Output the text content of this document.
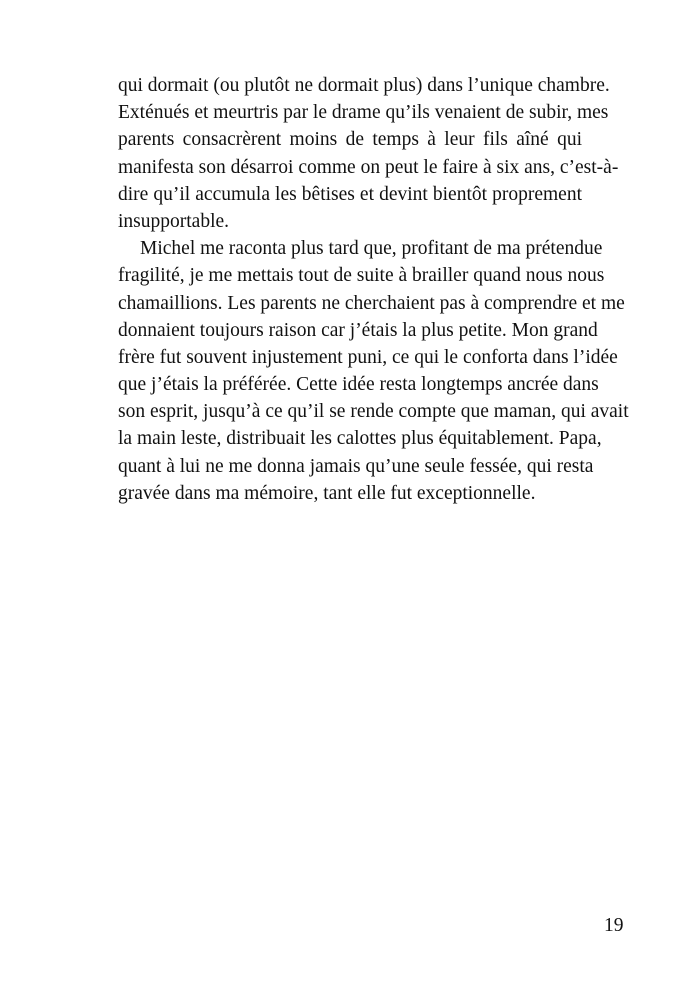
qui dormait (ou plutôt ne dormait plus) dans l’unique chambre.
Exténués et meurtris par le drame qu’ils venaient de subir, mes
parents consacrèrent moins de temps à leur fils aîné qui
manifesta son désarroi comme on peut le faire à six ans, c’est-à-
dire qu’il accumula les bêtises et devint bientôt proprement
insupportable.
Michel me raconta plus tard que, profitant de ma prétendue
fragilité, je me mettais tout de suite à brailler quand nous nous
chamaillions. Les parents ne cherchaient pas à comprendre et me
donnaient toujours raison car j’étais la plus petite. Mon grand
frère fut souvent injustement puni, ce qui le conforta dans l’idée
que j’étais la préférée. Cette idée resta longtemps ancrée dans
son esprit, jusqu’à ce qu’il se rende compte que maman, qui avait
la main leste, distribuait les calottes plus équitablement. Papa,
quant à lui ne me donna jamais qu’une seule fessée, qui resta
gravée dans ma mémoire, tant elle fut exceptionnelle.
19
